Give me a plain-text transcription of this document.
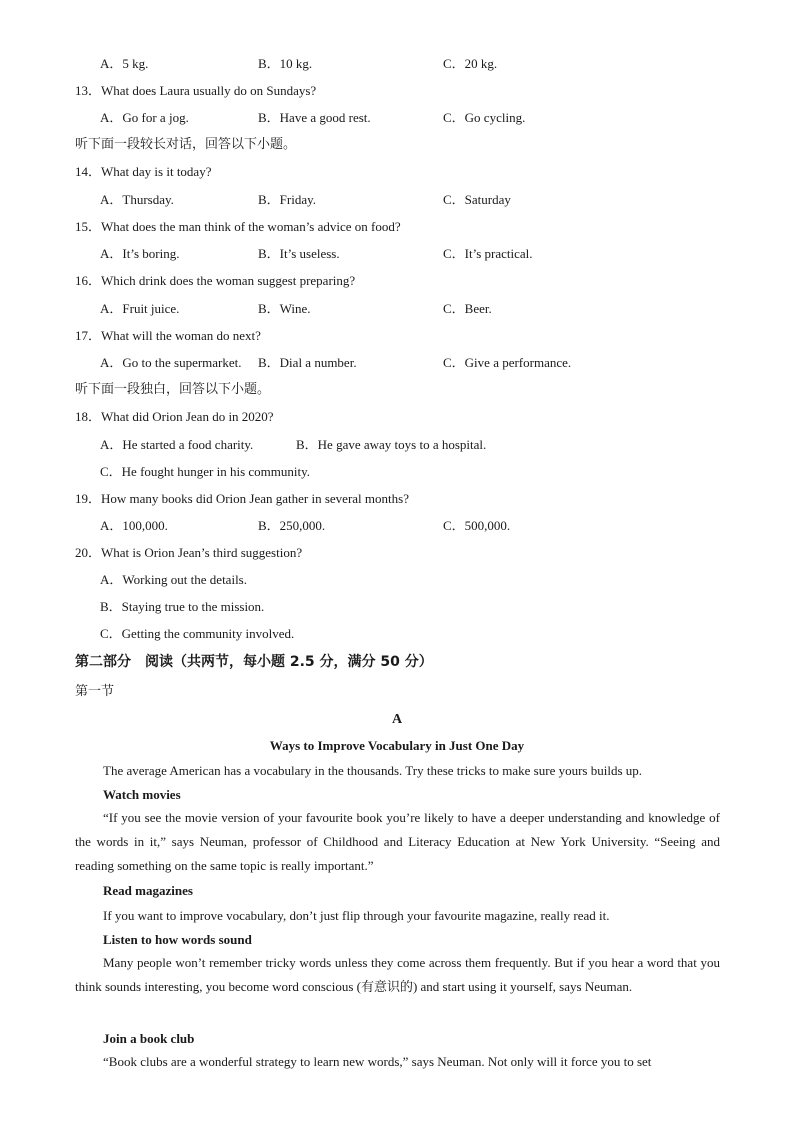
A．5 kg.	B．10 kg.	C．20 kg.
13．What does Laura usually do on Sundays?
A．Go for a jog.	B．Have a good rest.	C．Go cycling.
听下面一段较长对话，回答以下小题。
14．What day is it today?
A．Thursday.	B．Friday.	C．Saturday
15．What does the man think of the woman’s advice on food?
A．It’s boring.	B．It’s useless.	C．It’s practical.
16．Which drink does the woman suggest preparing?
A．Fruit juice.	B．Wine.	C．Beer.
17．What will the woman do next?
A．Go to the supermarket. B．Dial a number.	C．Give a performance.
听下面一段独白，回答以下小题。
18．What did Orion Jean do in 2020?
A．He started a food charity.	B．He gave away toys to a hospital.
C．He fought hunger in his community.
19．How many books did Orion Jean gather in several months?
A．100,000.	B．250,000.	C．500,000.
20．What is Orion Jean’s third suggestion?
A．Working out the details.
B．Staying true to the mission.
C．Getting the community involved.
第二部分　阅读（共两节，每小题 2.5 分，满分 50 分）
第一节
A
Ways to Improve Vocabulary in Just One Day
The average American has a vocabulary in the thousands. Try these tricks to make sure yours builds up.
Watch movies
“If you see the movie version of your favourite book you’re likely to have a deeper understanding and knowledge of the words in it,” says Neuman, professor of Childhood and Literacy Education at New York University. “Seeing and reading something on the same topic is really important.”
Read magazines
If you want to improve vocabulary, don’t just flip through your favourite magazine, really read it.
Listen to how words sound
Many people won’t remember tricky words unless they come across them frequently. But if you hear a word that you think sounds interesting, you become word conscious (有意识的) and start using it yourself, says Neuman.
Join a book club
“Book clubs are a wonderful strategy to learn new words,” says Neuman. Not only will it force you to set
